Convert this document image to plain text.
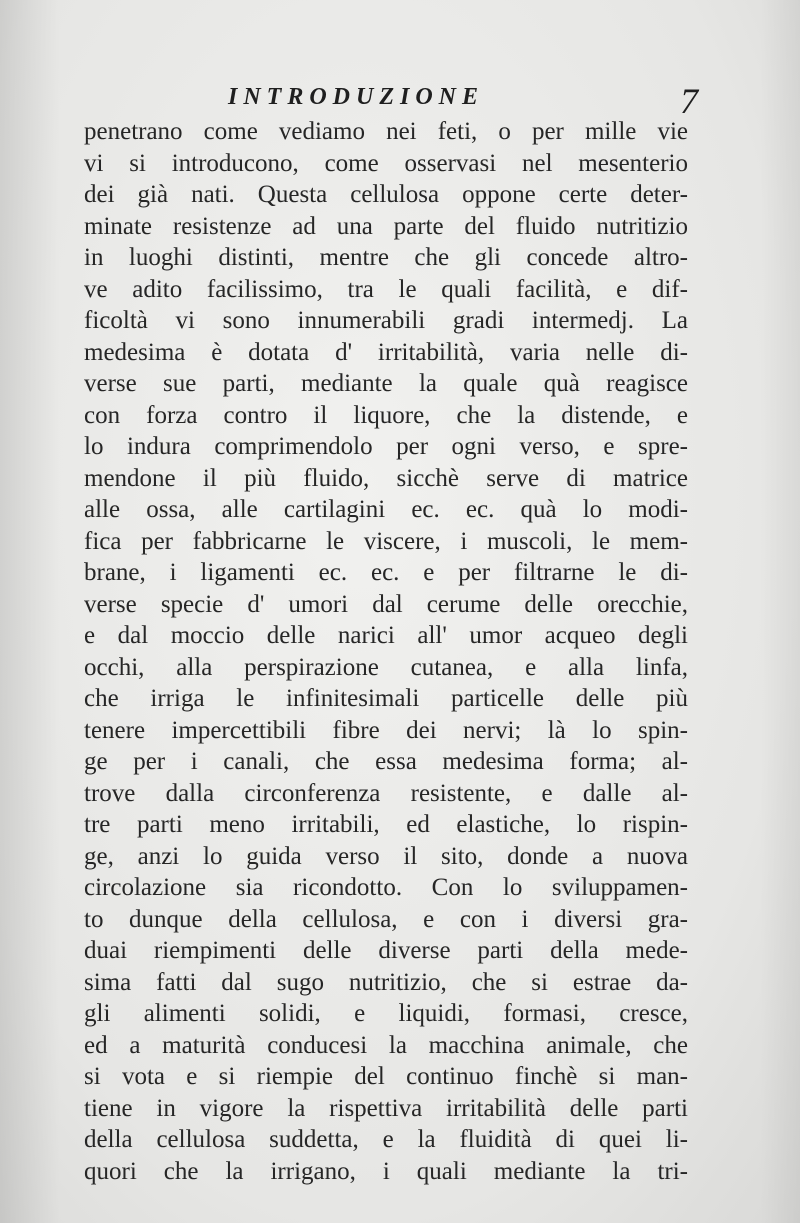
INTRODUZIONE	7
penetrano come vediamo nei feti, o per mille vie
vi si introducono, come osservasi nel mesenterio
dei già nati. Questa cellulosa oppone certe deter-
minate resistenze ad una parte del fluido nutritizio
in luoghi distinti, mentre che gli concede altro-
ve adito facilissimo, tra le quali facilità, e dif-
ficoltà vi sono innumerabili gradi intermedj. La
medesima è dotata d' irritabilità, varia nelle di-
verse sue parti, mediante la quale quà reagisce
con forza contro il liquore, che la distende, e
lo indura comprimendolo per ogni verso, e spre-
mendone il più fluido, sicchè serve di matrice
alle ossa, alle cartilagini ec. ec. quà lo modi-
fica per fabbricarne le viscere, i muscoli, le mem-
brane, i ligamenti ec. ec. e per filtrarne le di-
verse specie d' umori dal cerume delle orecchie,
e dal moccio delle narici all' umor acqueo degli
occhi, alla perspirazione cutanea, e alla linfa,
che irriga le infinitesimali particelle delle più
tenere impercettibili fibre dei nervi; là lo spin-
ge per i canali, che essa medesima forma; al-
trove dalla circonferenza resistente, e dalle al-
tre parti meno irritabili, ed elastiche, lo rispin-
ge, anzi lo guida verso il sito, donde a nuova
circolazione sia ricondotto. Con lo sviluppamen-
to dunque della cellulosa, e con i diversi gra-
duai riempimenti delle diverse parti della mede-
sima fatti dal sugo nutritizio, che si estrae da-
gli alimenti solidi, e liquidi, formasi, cresce,
ed a maturità conducesi la macchina animale, che
si vota e si riempie del continuo finchè si man-
tiene in vigore la rispettiva irritabilità delle parti
della cellulosa suddetta, e la fluidità di quei li-
quori che la irrigano, i quali mediante la tri-
